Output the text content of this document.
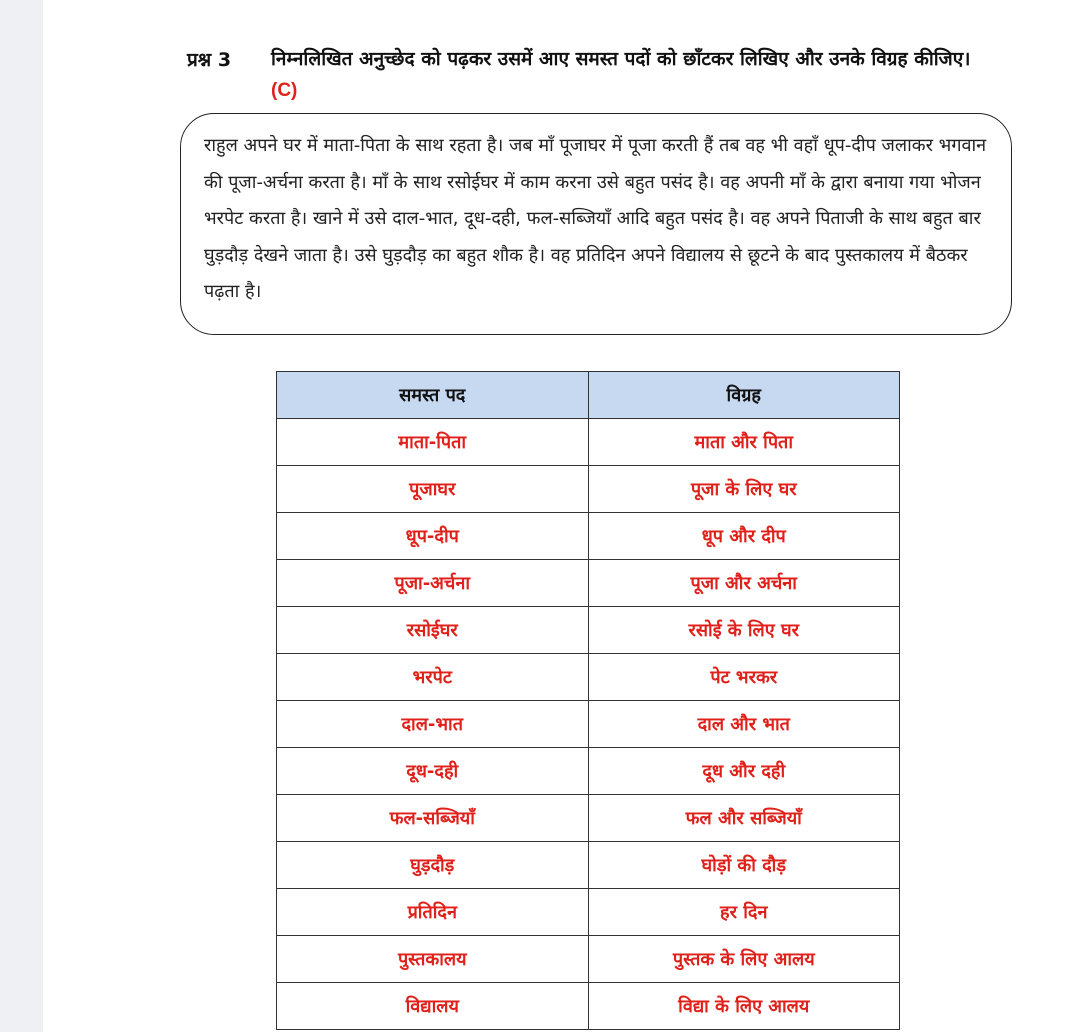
प्रश्न 3 निम्नलिखित अनुच्छेद को पढ़कर उसमें आए समस्त पदों को छाँटकर लिखिए और उनके विग्रह कीजिए। (C)
राहुल अपने घर में माता-पिता के साथ रहता है। जब माँ पूजाघर में पूजा करती हैं तब वह भी वहाँ धूप-दीप जलाकर भगवान की पूजा-अर्चना करता है। माँ के साथ रसोईघर में काम करना उसे बहुत पसंद है। वह अपनी माँ के द्वारा बनाया गया भोजन भरपेट करता है। खाने में उसे दाल-भात, दूध-दही, फल-सब्जियाँ आदि बहुत पसंद है। वह अपने पिताजी के साथ बहुत बार घुड़दौड़ देखने जाता है। उसे घुड़दौड़ का बहुत शौक है। वह प्रतिदिन अपने विद्यालय से छूटने के बाद पुस्तकालय में बैठकर पढ़ता है।
समस्त पद	विग्रह
माता-पिता	माता और पिता
पूजाघर	पूजा के लिए घर
धूप-दीप	धूप और दीप
पूजा-अर्चना	पूजा और अर्चना
रसोईघर	रसोई के लिए घर
भरपेट	पेट भरकर
दाल-भात	दाल और भात
दूध-दही	दूध और दही
फल-सब्जियाँ	फल और सब्जियाँ
घुड़दौड़	घोड़ों की दौड़
प्रतिदिन	हर दिन
पुस्तकालय	पुस्तक के लिए आलय
विद्यालय	विद्या के लिए आलय
